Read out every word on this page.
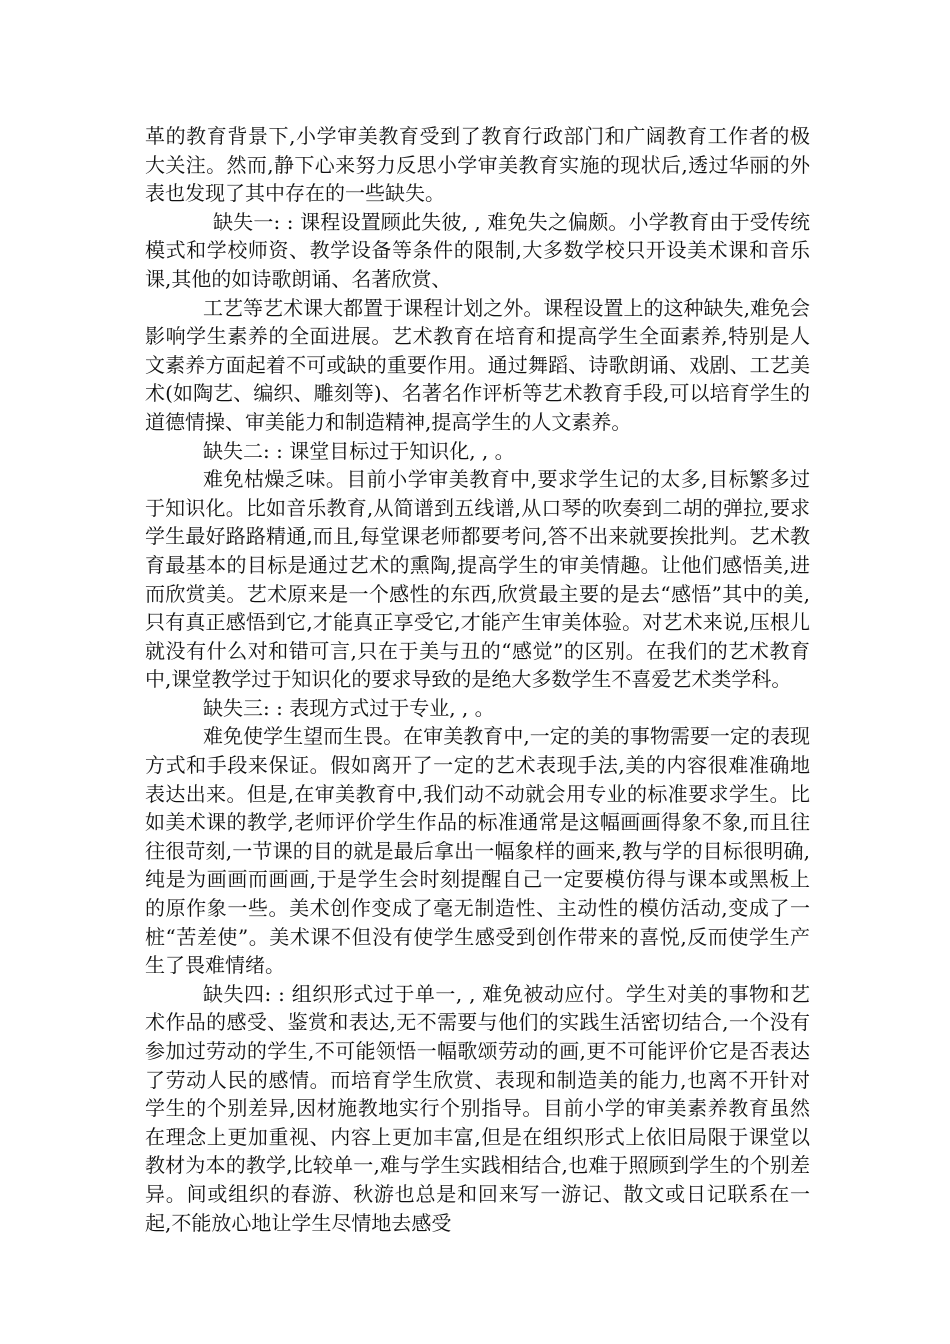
革的教育背景下,小学审美教育受到了教育行政部门和广阔教育工作者的极大关注。然而,静下心来努力反思小学审美教育实施的现状后,透过华丽的外表也发现了其中存在的一些缺失。

缺失一: : 课程设置顾此失彼, , 难免失之偏颇。小学教育由于受传统模式和学校师资、教学设备等条件的限制,大多数学校只开设美术课和音乐课,其他的如诗歌朗诵、名著欣赏、

工艺等艺术课大都置于课程计划之外。课程设置上的这种缺失,难免会影响学生素养的全面进展。艺术教育在培育和提高学生全面素养,特别是人文素养方面起着不可或缺的重要作用。通过舞蹈、诗歌朗诵、戏剧、工艺美术(如陶艺、编织、雕刻等)、名著名作评析等艺术教育手段,可以培育学生的道德情操、审美能力和制造精神,提高学生的人文素养。

缺失二: : 课堂目标过于知识化, , 。

难免枯燥乏味。目前小学审美教育中,要求学生记的太多,目标繁多过于知识化。比如音乐教育,从简谱到五线谱,从口琴的吹奏到二胡的弹拉,要求学生最好路路精通,而且,每堂课老师都要考问,答不出来就要挨批判。艺术教育最基本的目标是通过艺术的熏陶,提高学生的审美情趣。让他们感悟美,进而欣赏美。艺术原来是一个感性的东西,欣赏最主要的是去“感悟”其中的美,只有真正感悟到它,才能真正享受它,才能产生审美体验。对艺术来说,压根儿就没有什么对和错可言,只在于美与丑的“感觉”的区别。在我们的艺术教育中,课堂教学过于知识化的要求导致的是绝大多数学生不喜爱艺术类学科。

缺失三: : 表现方式过于专业, , 。

难免使学生望而生畏。在审美教育中,一定的美的事物需要一定的表现方式和手段来保证。假如离开了一定的艺术表现手法,美的内容很难准确地表达出来。但是,在审美教育中,我们动不动就会用专业的标准要求学生。比如美术课的教学,老师评价学生作品的标准通常是这幅画画得象不象,而且往往很苛刻,一节课的目的就是最后拿出一幅象样的画来,教与学的目标很明确,纯是为画画而画画,于是学生会时刻提醒自己一定要模仿得与课本或黑板上的原作象一些。美术创作变成了毫无制造性、主动性的模仿活动,变成了一桩“苦差使”。美术课不但没有使学生感受到创作带来的喜悦,反而使学生产生了畏难情绪。

缺失四: : 组织形式过于单一, , 难免被动应付。学生对美的事物和艺术作品的感受、鉴赏和表达,无不需要与他们的实践生活密切结合,一个没有参加过劳动的学生,不可能领悟一幅歌颂劳动的画,更不可能评价它是否表达了劳动人民的感情。而培育学生欣赏、表现和制造美的能力,也离不开针对学生的个别差异,因材施教地实行个别指导。目前小学的审美素养教育虽然在理念上更加重视、内容上更加丰富,但是在组织形式上依旧局限于课堂以教材为本的教学,比较单一,难与学生实践相结合,也难于照顾到学生的个别差异。间或组织的春游、秋游也总是和回来写一游记、散文或日记联系在一起,不能放心地让学生尽情地去感受
